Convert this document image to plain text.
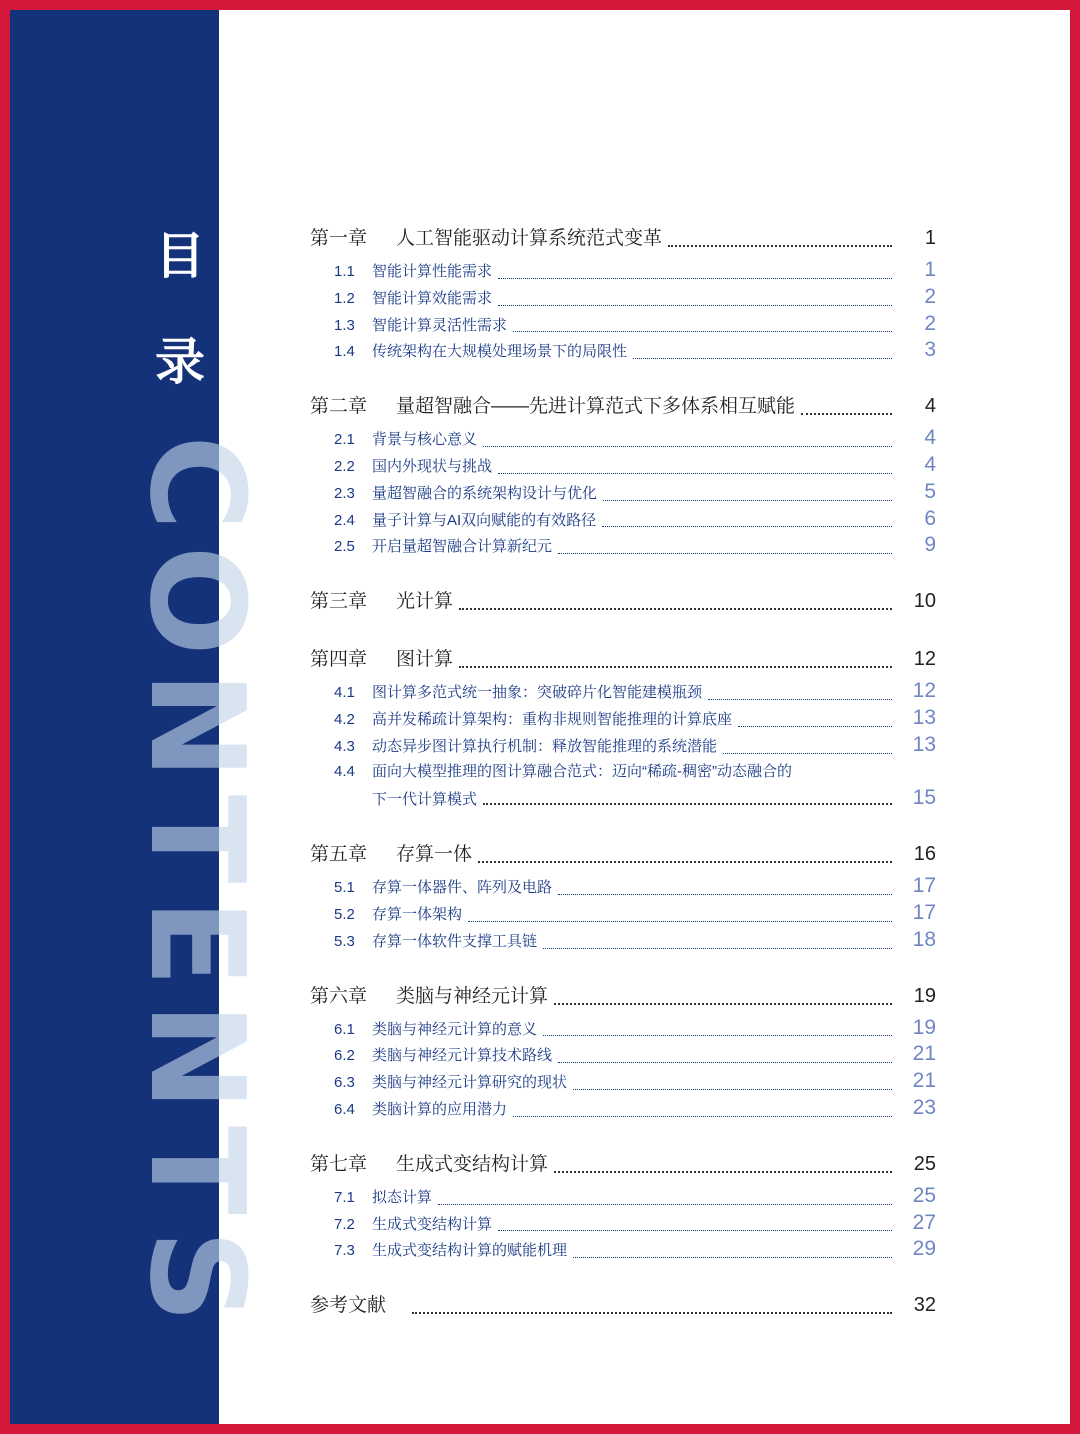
目
录
CONTENTS
第一章	人工智能驱动计算系统范式变革	1
1.1	智能计算性能需求	1
1.2	智能计算效能需求	2
1.3	智能计算灵活性需求	2
1.4	传统架构在大规模处理场景下的局限性	3
第二章	量超智融合——先进计算范式下多体系相互赋能	4
2.1	背景与核心意义	4
2.2	国内外现状与挑战	4
2.3	量超智融合的系统架构设计与优化	5
2.4	量子计算与AI双向赋能的有效路径	6
2.5	开启量超智融合计算新纪元	9
第三章	光计算	10
第四章	图计算	12
4.1	图计算多范式统一抽象：突破碎片化智能建模瓶颈	12
4.2	高并发稀疏计算架构：重构非规则智能推理的计算底座	13
4.3	动态异步图计算执行机制：释放智能推理的系统潜能	13
4.4	面向大模型推理的图计算融合范式：迈向“稀疏-稠密”动态融合的
下一代计算模式	15
第五章	存算一体	16
5.1	存算一体器件、阵列及电路	17
5.2	存算一体架构	17
5.3	存算一体软件支撑工具链	18
第六章	类脑与神经元计算	19
6.1	类脑与神经元计算的意义	19
6.2	类脑与神经元计算技术路线	21
6.3	类脑与神经元计算研究的现状	21
6.4	类脑计算的应用潜力	23
第七章	生成式变结构计算	25
7.1	拟态计算	25
7.2	生成式变结构计算	27
7.3	生成式变结构计算的赋能机理	29
参考文献	32
